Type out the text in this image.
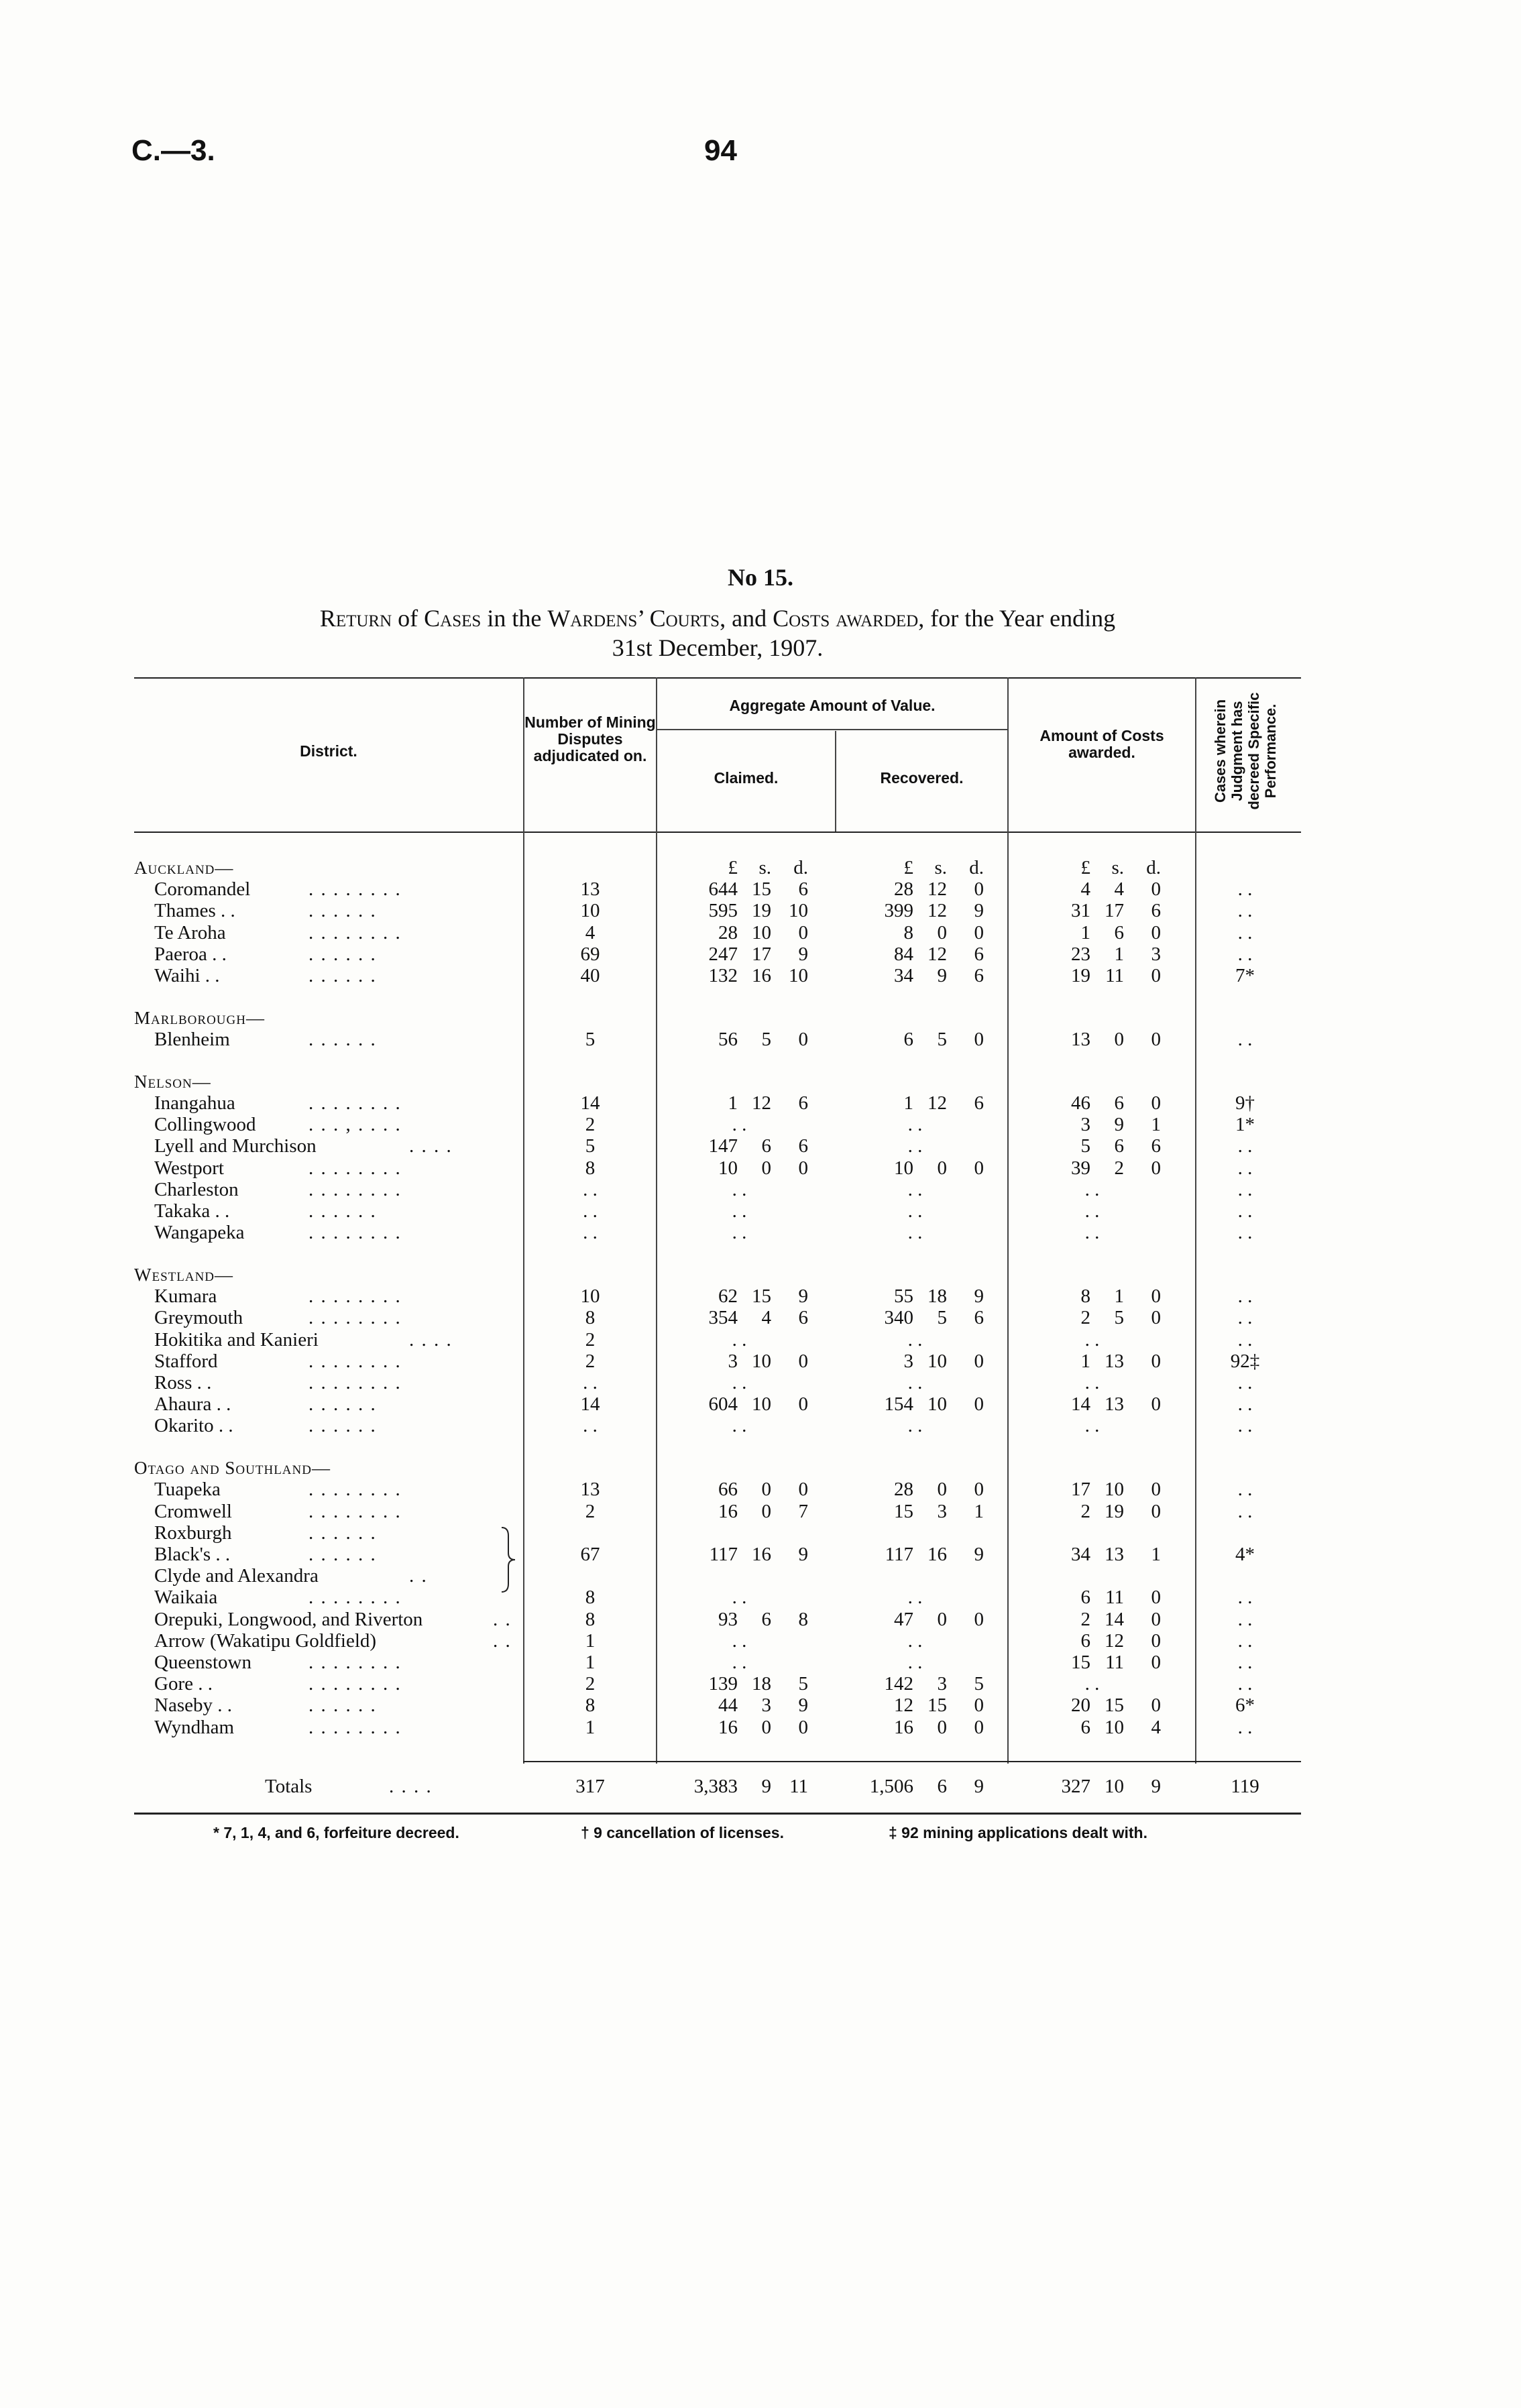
C.—3.	94
No 15.
Return of Cases in the Wardens’ Courts, and Costs awarded, for the Year ending
31st December, 1907.
District.
Number of Mining Disputes adjudicated on.
Aggregate Amount of Value.
Claimed.	Recovered.
Amount of Costs awarded.	Cases wherein Judgment has decreed Specific Performance.
£ s. d.	£ s. d.	£ s. d.
Auckland—
Coromandel	. . . . . . . .	13	644 15 6	28 12 0	4 4 0	. .
Thames . .	. . . . . .	10	595 19 10	399 12 9	31 17 6	. .
Te Aroha	. . . . . . . .	4	28 10 0	8 0 0	1 6 0	. .
Paeroa . .	. . . . . .	69	247 17 9	84 12 6	23 1 3	. .
Waihi . .	. . . . . .	40	132 16 10	34 9 6	19 11 0	7*
Marlborough—
Blenheim	. . . . . .	5	56 5 0	6 5 0	13 0 0	. .
Nelson—
Inangahua	. . . . . . . .	14	1 12 6	1 12 6	46 6 0	9†
Collingwood	. . . , . . . .	2	. .	. .	3 9 1	1*
Lyell and Murchison	. . . .	5	147 6 6	. .	5 6 6	. .
Westport	. . . . . . . .	8	10 0 0	10 0 0	39 2 0	. .
Charleston	. . . . . . . .	. .	. .	. .	. .	. .
Takaka . .	. . . . . .	. .	. .	. .	. .	. .
Wangapeka	. . . . . . . .	. .	. .	. .	. .	. .
Westland—
Kumara	. . . . . . . .	10	62 15 9	55 18 9	8 1 0	. .
Greymouth	. . . . . . . .	8	354 4 6	340 5 6	2 5 0	. .
Hokitika and Kanieri	. . . .	2	. .	. .	. .	. .
Stafford	. . . . . . . .	2	3 10 0	3 10 0	1 13 0	92‡
Ross . .	. . . . . . . .	. .	. .	. .	. .	. .
Ahaura . .	. . . . . .	14	604 10 0	154 10 0	14 13 0	. .
Okarito . .	. . . . . .	. .	. .	. .	. .	. .
Otago and Southland—
Tuapeka	. . . . . . . .	13	66 0 0	28 0 0	17 10 0	. .
Cromwell	. . . . . . . .	2	16 0 7	15 3 1	2 19 0	. .
Roxburgh	. . . . . .
Black's . .	. . . . . .	67	117 16 9	117 16 9	34 13 1	4*
Clyde and Alexandra	. .
Waikaia	. . . . . . . .	8	. .	. .	6 11 0	. .
Orepuki, Longwood, and Riverton	. .	8	93 6 8	47 0 0	2 14 0	. .
Arrow (Wakatipu Goldfield)	. .	1	. .	. .	6 12 0	. .
Queenstown	. . . . . . . .	1	. .	. .	15 11 0	. .
Gore . .	. . . . . . . .	2	139 18 5	142 3 5	. .	. .
Naseby . .	. . . . . .	8	44 3 9	12 15 0	20 15 0	6*
Wyndham	. . . . . . . .	1	16 0 0	16 0 0	6 10 4	. .
Totals	. . . .	317	3,383 9 11	1,506 6 9	327 10 9	119
* 7, 1, 4, and 6, forfeiture decreed.	† 9 cancellation of licenses.	‡ 92 mining applications dealt with.
